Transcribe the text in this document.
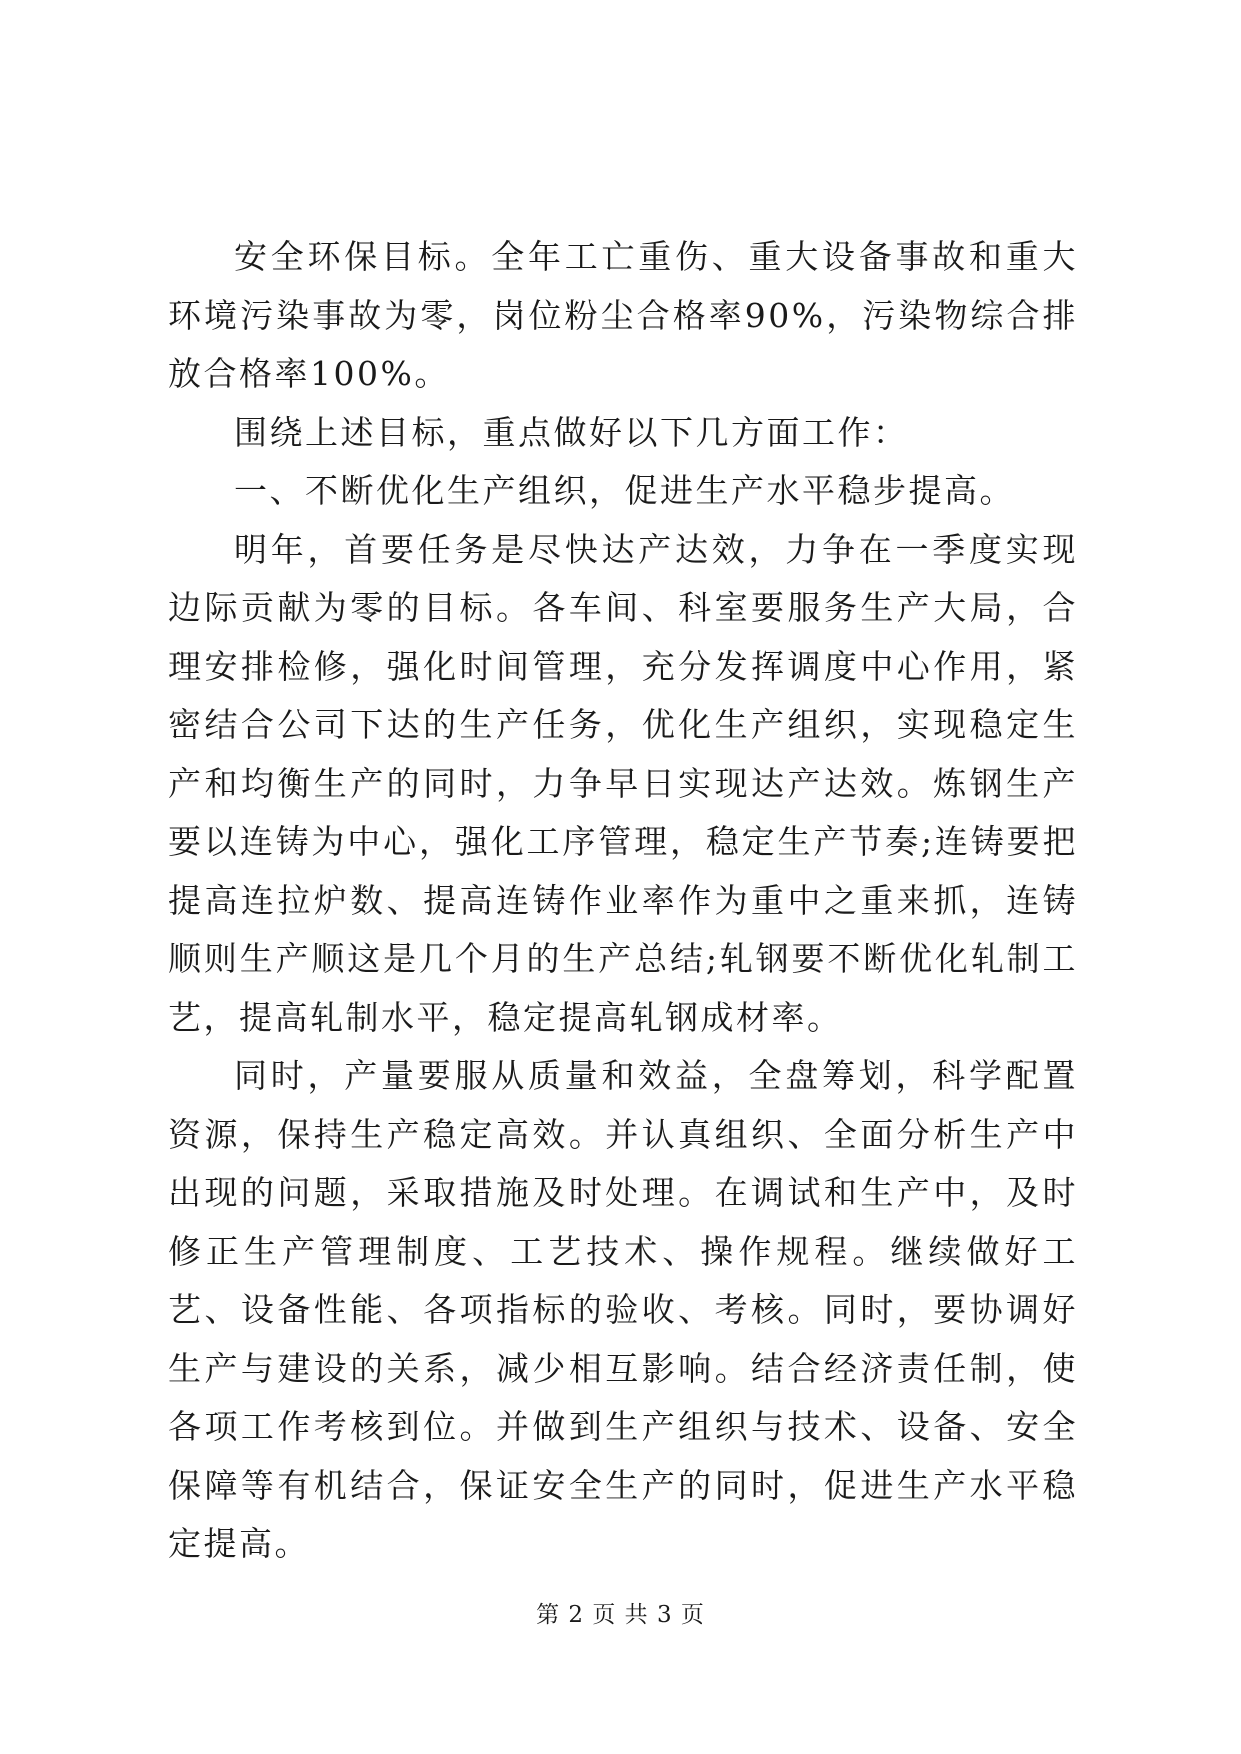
安全环保目标。全年工亡重伤、重大设备事故和重大环境污染事故为零，岗位粉尘合格率90%，污染物综合排放合格率100%。

围绕上述目标，重点做好以下几方面工作：

一、不断优化生产组织，促进生产水平稳步提高。

明年，首要任务是尽快达产达效，力争在一季度实现边际贡献为零的目标。各车间、科室要服务生产大局，合理安排检修，强化时间管理，充分发挥调度中心作用，紧密结合公司下达的生产任务，优化生产组织，实现稳定生产和均衡生产的同时，力争早日实现达产达效。炼钢生产要以连铸为中心，强化工序管理，稳定生产节奏;连铸要把提高连拉炉数、提高连铸作业率作为重中之重来抓，连铸顺则生产顺这是几个月的生产总结;轧钢要不断优化轧制工艺，提高轧制水平，稳定提高轧钢成材率。

同时，产量要服从质量和效益，全盘筹划，科学配置资源，保持生产稳定高效。并认真组织、全面分析生产中出现的问题，采取措施及时处理。在调试和生产中，及时修正生产管理制度、工艺技术、操作规程。继续做好工艺、设备性能、各项指标的验收、考核。同时，要协调好生产与建设的关系，减少相互影响。结合经济责任制，使各项工作考核到位。并做到生产组织与技术、设备、安全保障等有机结合，保证安全生产的同时，促进生产水平稳定提高。

第 2 页 共 3 页
